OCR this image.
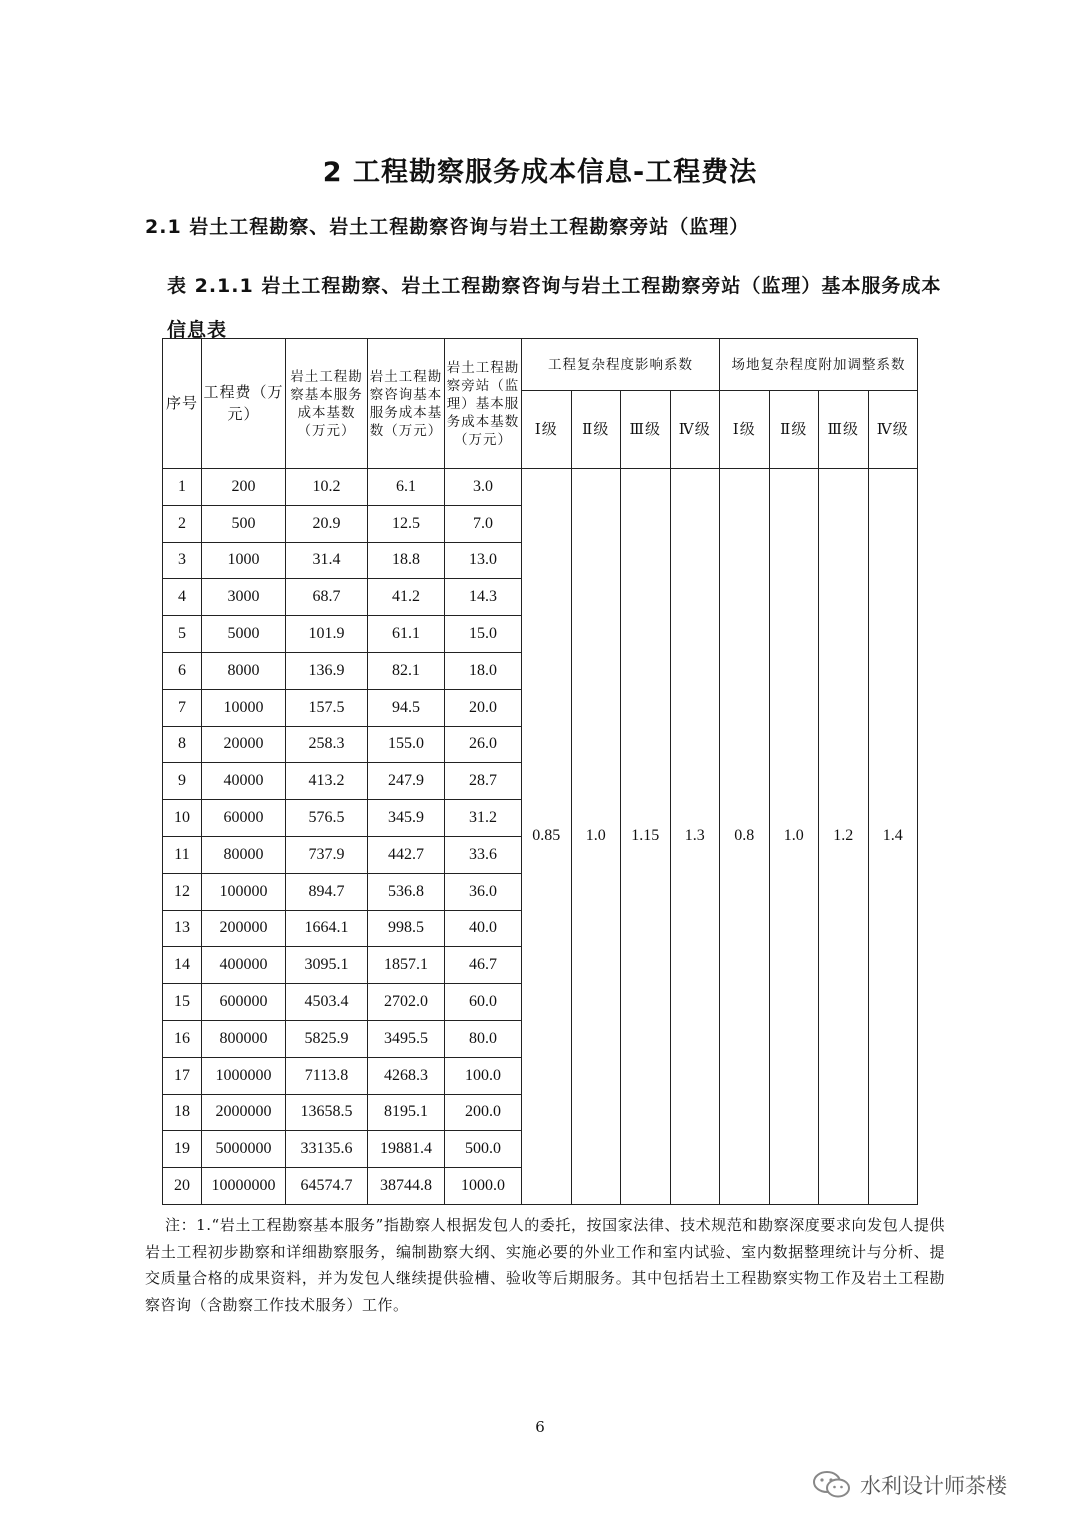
2 工程勘察服务成本信息-工程费法
2.1 岩土工程勘察、岩土工程勘察咨询与岩土工程勘察旁站（监理）
表 2.1.1 岩土工程勘察、岩土工程勘察咨询与岩土工程勘察旁站（监理）基本服务成本信息表
序号	工程费（万元）	岩土工程勘察基本服务成本基数（万元）	岩土工程勘察咨询基本服务成本基数（万元）	岩土工程勘察旁站（监理）基本服务成本基数（万元）	工程复杂程度影响系数				场地复杂程度附加调整系数			
					Ⅰ级	Ⅱ级	Ⅲ级	Ⅳ级	Ⅰ级	Ⅱ级	Ⅲ级	Ⅳ级
1	200	10.2	6.1	3.0	0.85	1.0	1.15	1.3	0.8	1.0	1.2	1.4
2	500	20.9	12.5	7.0								
3	1000	31.4	18.8	13.0								
4	3000	68.7	41.2	14.3								
5	5000	101.9	61.1	15.0								
6	8000	136.9	82.1	18.0								
7	10000	157.5	94.5	20.0								
8	20000	258.3	155.0	26.0								
9	40000	413.2	247.9	28.7								
10	60000	576.5	345.9	31.2								
11	80000	737.9	442.7	33.6								
12	100000	894.7	536.8	36.0								
13	200000	1664.1	998.5	40.0								
14	400000	3095.1	1857.1	46.7								
15	600000	4503.4	2702.0	60.0								
16	800000	5825.9	3495.5	80.0								
17	1000000	7113.8	4268.3	100.0								
18	2000000	13658.5	8195.1	200.0								
19	5000000	33135.6	19881.4	500.0								
20	10000000	64574.7	38744.8	1000.0								
注：1.“岩土工程勘察基本服务”指勘察人根据发包人的委托，按国家法律、技术规范和勘察深度要求向发包人提供岩土工程初步勘察和详细勘察服务，编制勘察大纲、实施必要的外业工作和室内试验、室内数据整理统计与分析、提交质量合格的成果资料，并为发包人继续提供验槽、验收等后期服务。其中包括岩土工程勘察实物工作及岩土工程勘察咨询（含勘察工作技术服务）工作。
6
水利设计师茶楼
